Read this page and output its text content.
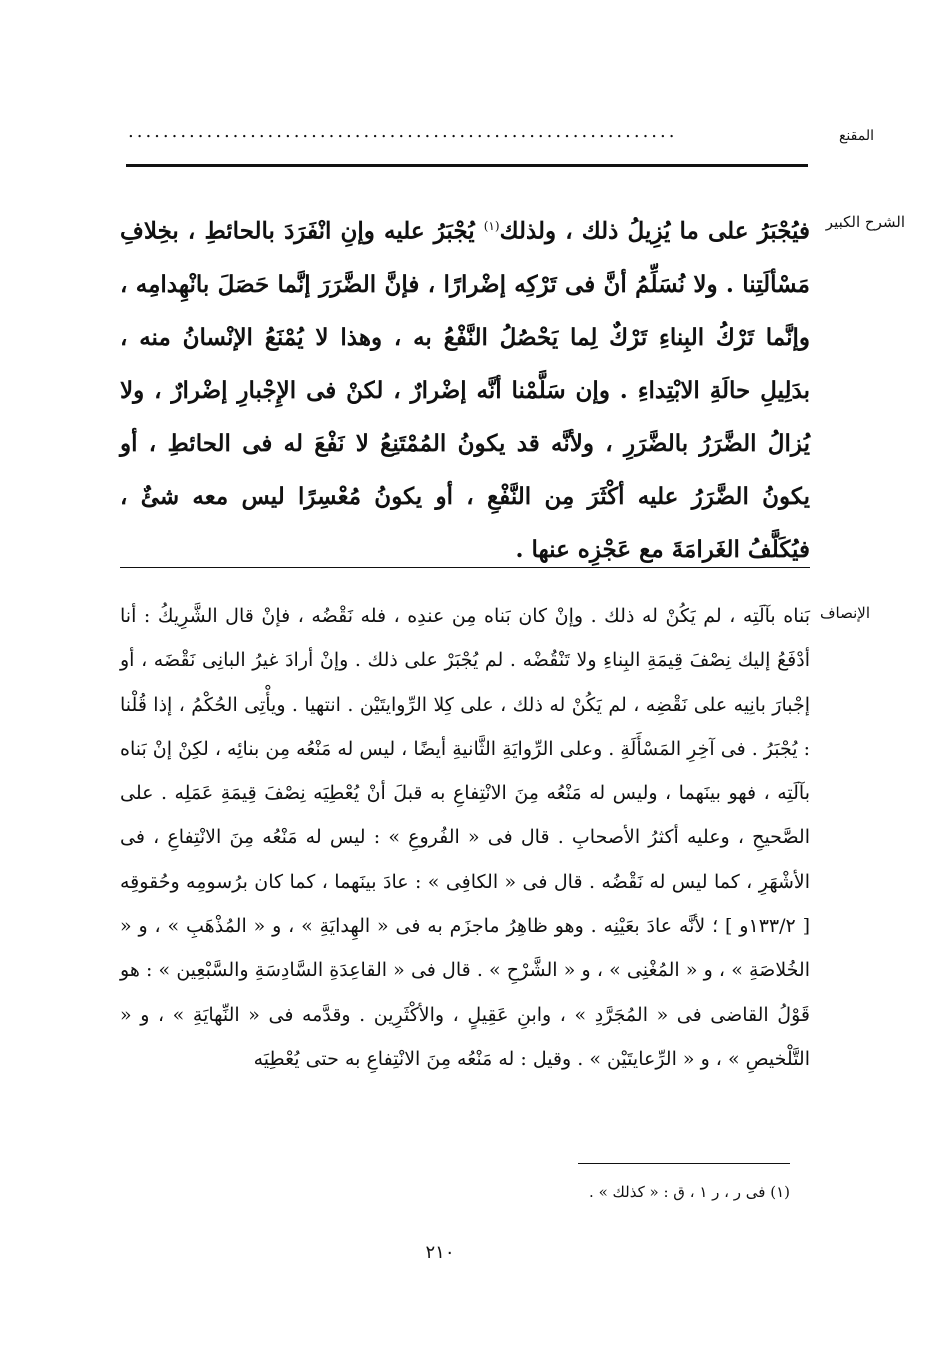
المقنع
...............................................................
الشرح الكبير

فيُجْبَرُ على ما يُزِيلُ ذلك ، ولذلك$^{(١)}$ يُجْبَرُ عليه وإنِ انْفَرَدَ بالحائطِ ، بخِلافِ مَسْألَتِنا . ولا نُسَلِّمُ أنَّ فى تَرْكِه إضْرارًا ، فإنَّ الضَّرَرَ إنَّما حَصَلَ بانْهِدامِه ، وإنَّما تَرْكُ البِناءِ تَرْكٌ لِما يَحْصُلُ النَّفْعُ به ، وهذا لا يُمْنَعُ الإنْسانُ منه ، بدَلِيلِ حالَةِ الابْتِداءِ . وإن سَلَّمْنا أنَّه إضْرارٌ ، لكنْ فى الإِجْبارِ إضْرارٌ ، ولا يُزالُ الضَّرَرُ بالضَّرَرِ ، ولأنَّه قد يكونُ المُمْتَنِعُ لا نَفْعَ له فى الحائطِ ، أو يكونُ الضَّرَرُ عليه أكْثَرَ مِن النَّفْعِ ، أو يكونُ مُعْسِرًا ليس معه شئٌ ، فيُكَلَّفُ الغَرامَةَ مع عَجْزِه عنها .

الإنصاف

بَناه بآلَتِه ، لم يَكُنْ له ذلك . وإنْ كان بَناه مِن عندِه ، فله نَقْضُه ، فإنْ قال الشَّرِيكُ : أنا أدْفَعُ إليك نِصْفَ قِيمَةِ البِناءِ ولا تَنْقُضْه . لم يُجْبَرْ على ذلك . وإنْ أرادَ غيرُ البانِى نَقْضَه ، أو إجْبارَ بانِيه على نَقْضِه ، لم يَكُنْ له ذلك ، على كِلا الرِّوايتَيْن . انتهيا . ويأْتِى الحُكْمُ ، إذا قُلْنا : يُجْبَرُ . فى آخِرِ المَسْأَلَةِ . وعلى الرِّوايَةِ الثَّانيةِ أيضًا ، ليس له مَنْعُه مِن بنائِه ، لكِنْ إنْ بَناه بآلَتِه ، فهو بينَهما ، وليس له مَنْعُه مِنَ الانْتِفاعِ به قبلَ أنْ يُعْطِيَه نِصْفَ قِيمَةِ عَمَلِه . على الصَّحيحِ ، وعليه أكثرُ الأصحابِ . قال فى « الفُروعِ » : ليس له مَنْعُه مِنَ الانْتِفاعِ ، فى الأشْهَرِ ، كما ليس له نَقْضُه . قال فى « الكافِى » : عادَ بينَهما ، كما كان برُسومِه وحُقوقِه [ ١٣٣/٢و ] ؛ لأنَّه عادَ بعَيْنِه . وهو ظاهِرُ ماجزَم به فى « الهِدايَةِ » ، و « المُذْهَبِ » ، و « الخُلاصَةِ » ، و « المُغْنِى » ، و « الشَّرْحِ » . قال فى « القاعِدَةِ السَّادِسَةِ والسَّبْعِين » : هو قَوْلُ القاضى فى « المُجَرَّدِ » ، وابنِ عَقِيلٍ ، والأكْثَرِين . وقدَّمه فى « النِّهايَةِ » ، و « التَّلْخيصِ » ، و « الرِّعايتَيْن » . وقيل : له مَنْعُه مِنَ الانْتِفاعِ به حتى يُعْطِيَه

(١) فى ر ، ر ١ ، ق : « كذلك » .
٢١٠
